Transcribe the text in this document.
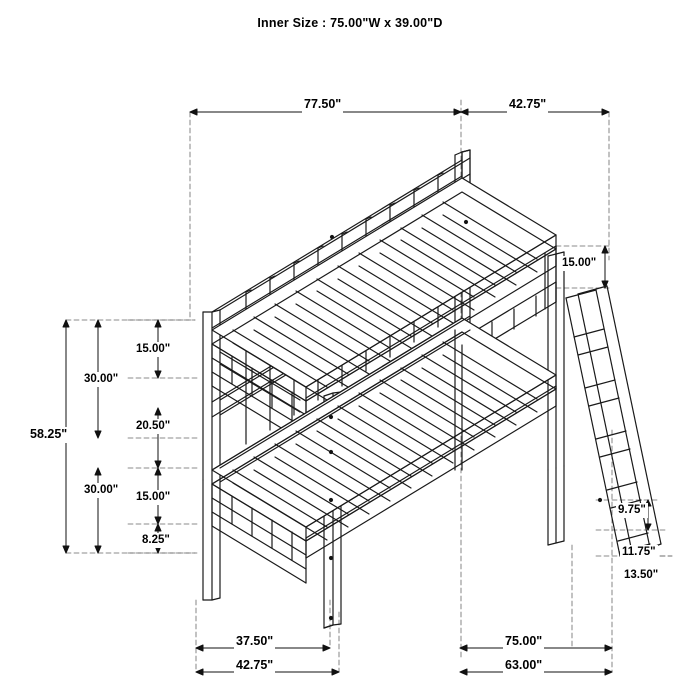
Inner Size : 75.00"W x 39.00"D
77.50"	42.75"
15.00"
58.25"
30.00"
30.00"
15.00"
20.50"
15.00"
8.25"
9.75"
11.75"
13.50"
37.50"	75.00"
42.75"	63.00"
